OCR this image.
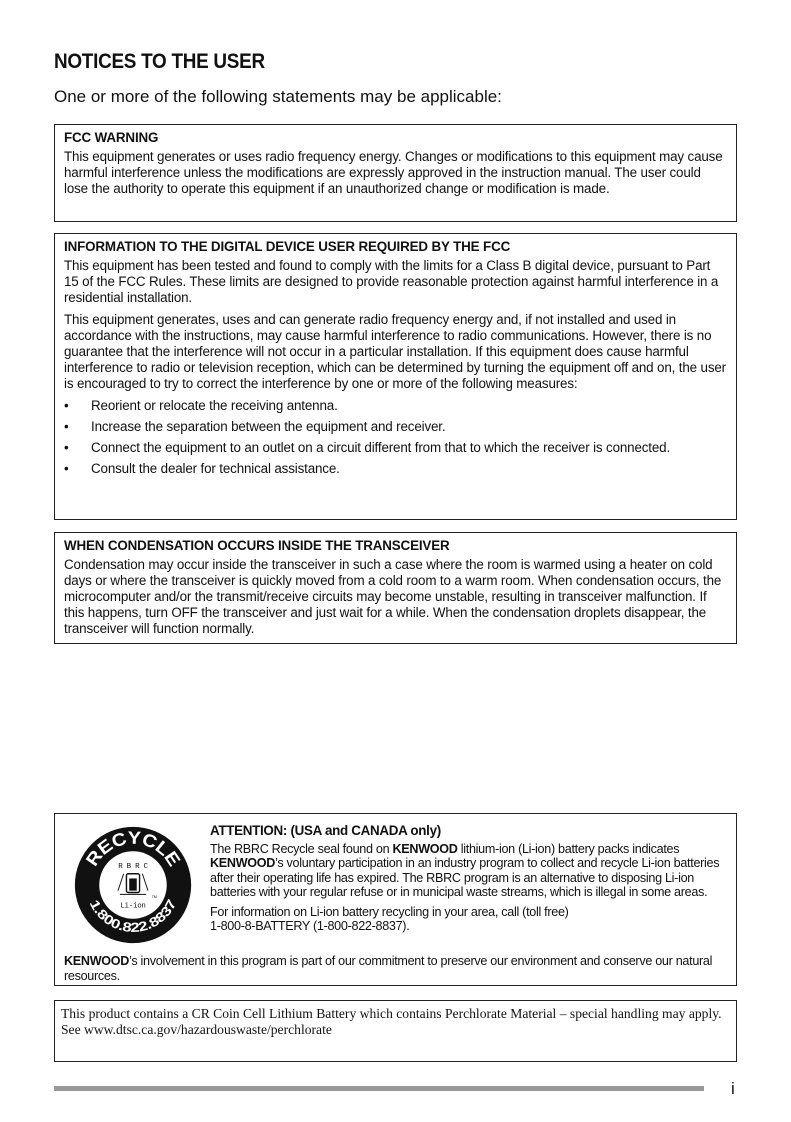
NOTICES TO THE USER
One or more of the following statements may be applicable:
FCC WARNING

This equipment generates or uses radio frequency energy. Changes or modifications to this equipment may cause harmful interference unless the modifications are expressly approved in the instruction manual. The user could lose the authority to operate this equipment if an unauthorized change or modification is made.

INFORMATION TO THE DIGITAL DEVICE USER REQUIRED BY THE FCC

This equipment has been tested and found to comply with the limits for a Class B digital device, pursuant to Part 15 of the FCC Rules. These limits are designed to provide reasonable protection against harmful interference in a residential installation.

This equipment generates, uses and can generate radio frequency energy and, if not installed and used in accordance with the instructions, may cause harmful interference to radio communications. However, there is no guarantee that the interference will not occur in a particular installation. If this equipment does cause harmful interference to radio or television reception, which can be determined by turning the equipment off and on, the user is encouraged to try to correct the interference by one or more of the following measures:

• Reorient or relocate the receiving antenna.
• Increase the separation between the equipment and receiver.
• Connect the equipment to an outlet on a circuit different from that to which the receiver is connected.
• Consult the dealer for technical assistance.
WHEN CONDENSATION OCCURS INSIDE THE TRANSCEIVER

Condensation may occur inside the transceiver in such a case where the room is warmed using a heater on cold days or where the transceiver is quickly moved from a cold room to a warm room. When condensation occurs, the microcomputer and/or the transmit/receive circuits may become unstable, resulting in transceiver malfunction. If this happens, turn OFF the transceiver and just wait for a while. When the condensation droplets disappear, the transceiver will function normally.

RECYCLE
1.800.822.8837
R B R C
Li-ion
TM
ATTENTION: (USA and CANADA only)

The RBRC Recycle seal found on KENWOOD lithium-ion (Li-ion) battery packs indicates KENWOOD’s voluntary participation in an industry program to collect and recycle Li-ion batteries after their operating life has expired. The RBRC program is an alternative to disposing Li-ion batteries with your regular refuse or in municipal waste streams, which is illegal in some areas.

For information on Li-ion battery recycling in your area, call (toll free)
1-800-8-BATTERY (1-800-822-8837).

KENWOOD’s involvement in this program is part of our commitment to preserve our environment and conserve our natural resources.

This product contains a CR Coin Cell Lithium Battery which contains Perchlorate Material – special handling may apply.
See www.dtsc.ca.gov/hazardouswaste/perchlorate
i
